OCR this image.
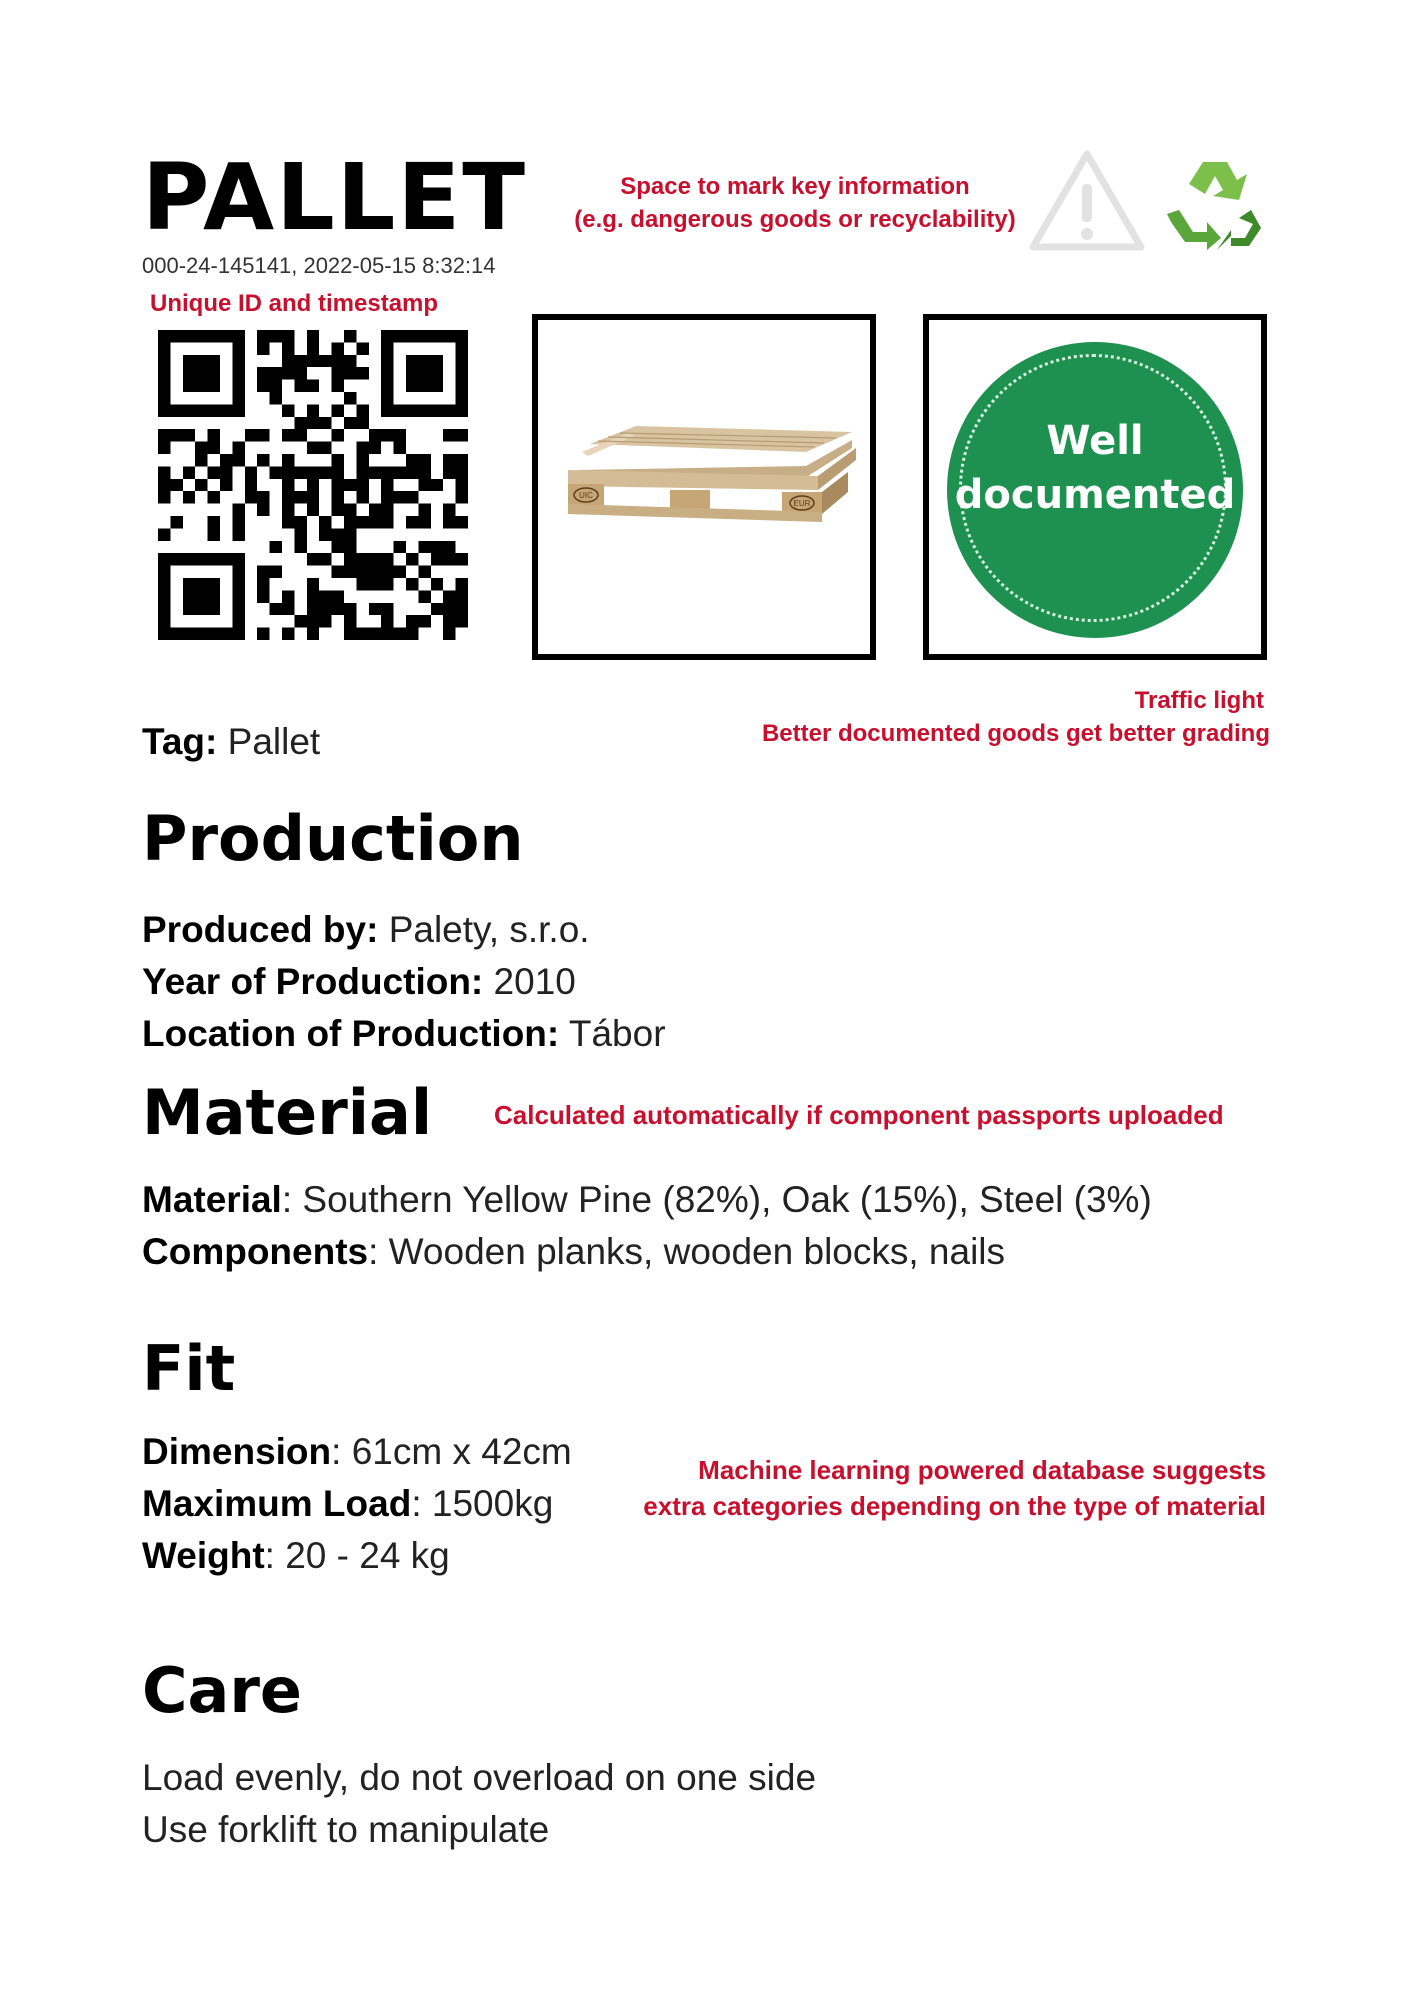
PALLET
000-24-145141, 2022-05-15 8:32:14
Unique ID and timestamp
Space to mark key information
(e.g. dangerous goods or recyclability)
UIC
EUR
Well
documented
Traffic light
Better documented goods get better grading
Tag: Pallet
Production
Produced by: Palety, s.r.o.
Year of Production: 2010
Location of Production: Tábor
Material Calculated automatically if component passports uploaded
Material: Southern Yellow Pine (82%), Oak (15%), Steel (3%)
Components: Wooden planks, wooden blocks, nails
Fit
Dimension: 61cm x 42cm
Maximum Load: 1500kg
Weight: 20 - 24 kg
Machine learning powered database suggests
extra categories depending on the type of material
Care
Load evenly, do not overload on one side
Use forklift to manipulate
